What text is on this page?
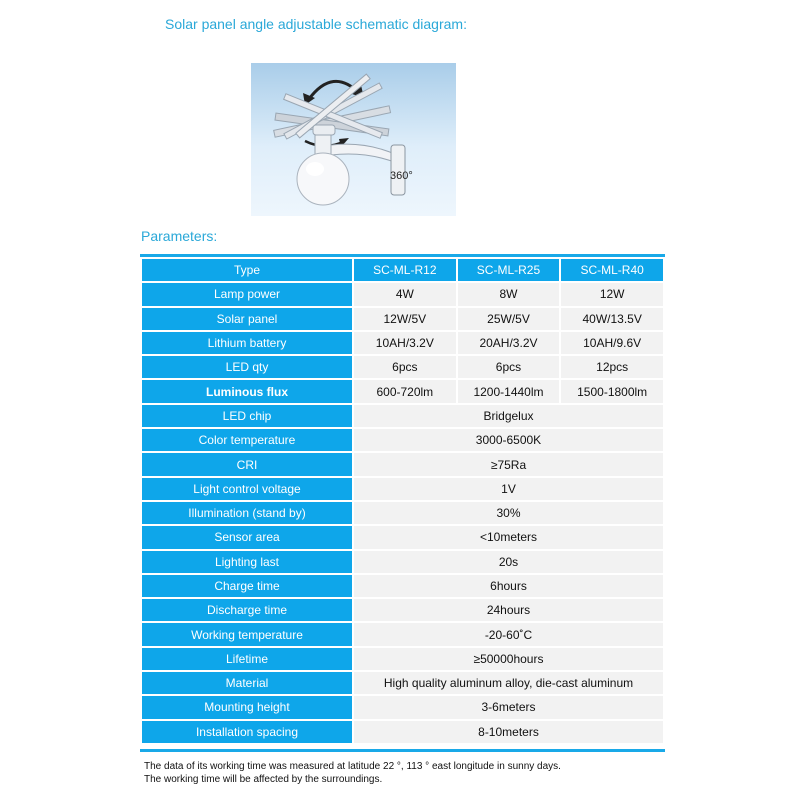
Solar panel angle adjustable schematic diagram:
360°
Parameters:
Type	SC-ML-R12	SC-ML-R25	SC-ML-R40
Lamp power	4W	8W	12W
Solar panel	12W/5V	25W/5V	40W/13.5V
Lithium battery	10AH/3.2V	20AH/3.2V	10AH/9.6V
LED qty	6pcs	6pcs	12pcs
Luminous flux	600-720lm	1200-1440lm	1500-1800lm
LED chip	Bridgelux		
Color temperature	3000-6500K		
CRI	≥75Ra		
Light control voltage	1V		
Illumination (stand by)	30%		
Sensor area	<10meters		
Lighting last	20s		
Charge time	6hours		
Discharge time	24hours		
Working temperature	-20-60˚C		
Lifetime	≥50000hours		
Material	High quality aluminum alloy, die-cast aluminum		
Mounting height	3-6meters		
Installation spacing	8-10meters		
The data of its working time was measured at latitude 22 °, 113 ° east longitude in sunny days.
The working time will be affected by the surroundings.
